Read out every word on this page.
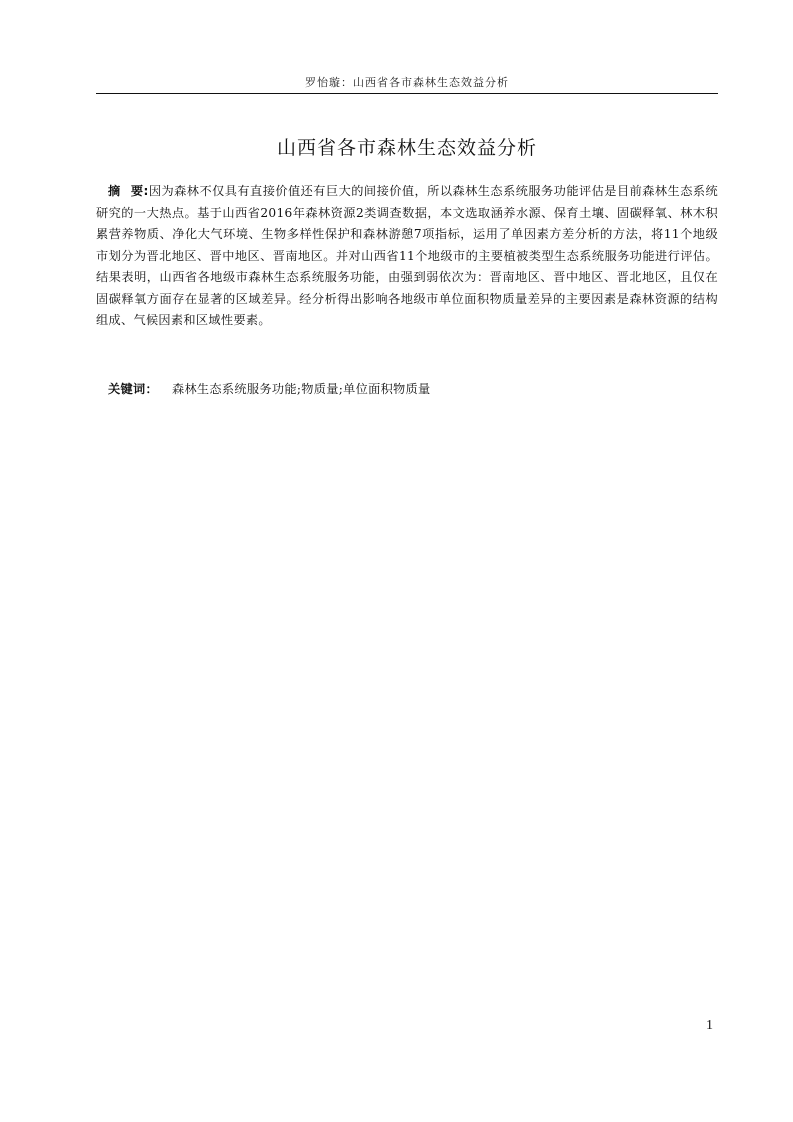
罗怡璇：山西省各市森林生态效益分析
山西省各市森林生态效益分析

摘 要:因为森林不仅具有直接价值还有巨大的间接价值，所以森林生态系统服务功能评估是目前森林生态系统研究的一大热点。基于山西省2016年森林资源2类调查数据，本文选取涵养水源、保育土壤、固碳释氧、林木积累营养物质、净化大气环境、生物多样性保护和森林游憩7项指标，运用了单因素方差分析的方法，将11个地级市划分为晋北地区、晋中地区、晋南地区。并对山西省11个地级市的主要植被类型生态系统服务功能进行评估。结果表明，山西省各地级市森林生态系统服务功能，由强到弱依次为：晋南地区、晋中地区、晋北地区，且仅在固碳释氧方面存在显著的区域差异。经分析得出影响各地级市单位面积物质量差异的主要因素是森林资源的结构组成、气候因素和区域性要素。

关键词： 森林生态系统服务功能;物质量;单位面积物质量

1
